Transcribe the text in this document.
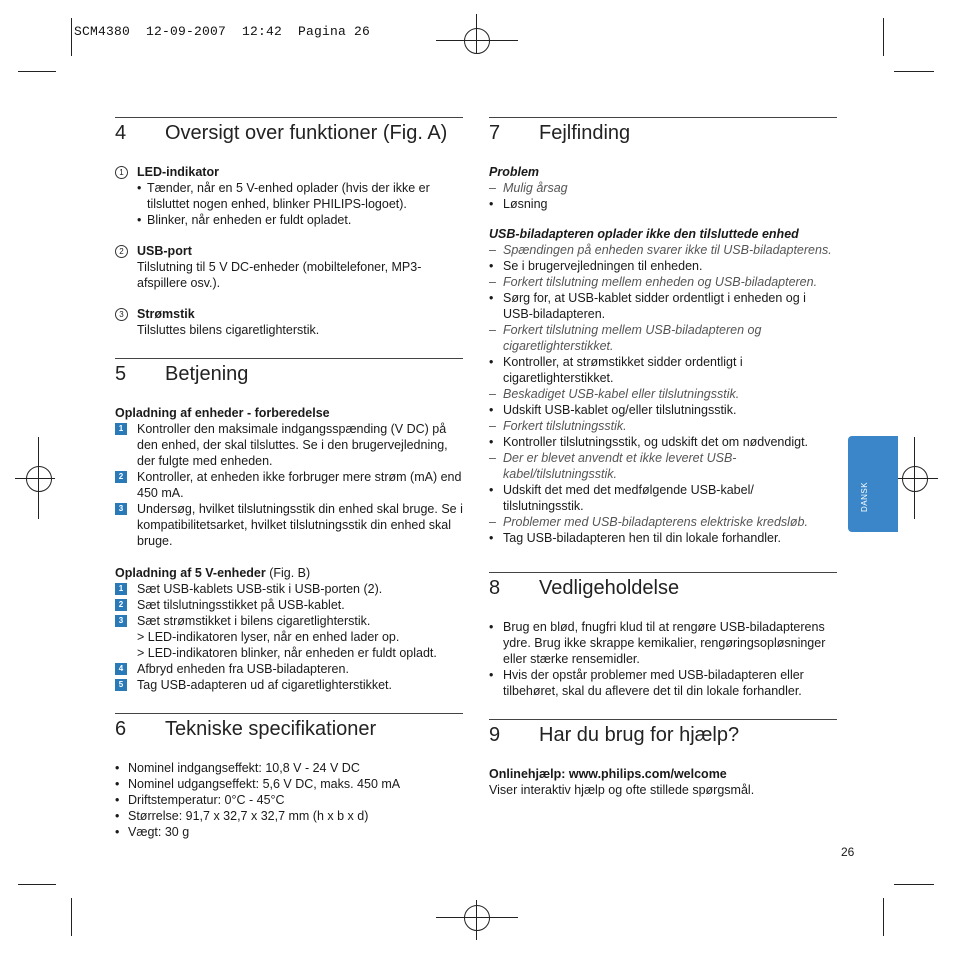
SCM4380  12-09-2007  12:42  Pagina 26
4	Oversigt over funktioner (Fig. A)
1	LED-indikator
• Tænder, når en 5 V-enhed oplader (hvis der ikke er tilsluttet nogen enhed, blinker PHILIPS-logoet).
• Blinker, når enheden er fuldt opladet.
2	USB-port
Tilslutning til 5 V DC-enheder (mobiltelefoner, MP3-afspillere osv.).
3	Strømstik
Tilsluttes bilens cigaretlighterstik.
5	Betjening
Opladning af enheder - forberedelse
1	Kontroller den maksimale indgangsspænding (V DC) på den enhed, der skal tilsluttes. Se i den brugervejledning, der fulgte med enheden.
2	Kontroller, at enheden ikke forbruger mere strøm (mA) end 450 mA.
3	Undersøg, hvilket tilslutningsstik din enhed skal bruge. Se i kompatibilitetsarket, hvilket tilslutningsstik din enhed skal bruge.
Opladning af 5 V-enheder (Fig. B)
1	Sæt USB-kablets USB-stik i USB-porten (2).
2	Sæt tilslutningsstikket på USB-kablet.
3	Sæt strømstikket i bilens cigaretlighterstik.
> LED-indikatoren lyser, når en enhed lader op.
> LED-indikatoren blinker, når enheden er fuldt opladt.
4	Afbryd enheden fra USB-biladapteren.
5	Tag USB-adapteren ud af cigaretlighterstikket.
6	Tekniske specifikationer
• Nominel indgangseffekt: 10,8 V - 24 V DC
• Nominel udgangseffekt: 5,6 V DC, maks. 450 mA
• Driftstemperatur: 0°C - 45°C
• Størrelse: 91,7 x 32,7 x 32,7 mm (h x b x d)
• Vægt: 30 g
7	Fejlfinding
Problem
– Mulig årsag
• Løsning
USB-biladapteren oplader ikke den tilsluttede enhed
– Spændingen på enheden svarer ikke til USB-biladapterens.
• Se i brugervejledningen til enheden.
– Forkert tilslutning mellem enheden og USB-biladapteren.
• Sørg for, at USB-kablet sidder ordentligt i enheden og i USB-biladapteren.
– Forkert tilslutning mellem USB-biladapteren og cigaretlighterstikket.
• Kontroller, at strømstikket sidder ordentligt i cigaretlighterstikket.
– Beskadiget USB-kabel eller tilslutningsstik.
• Udskift USB-kablet og/eller tilslutningsstik.
– Forkert tilslutningsstik.
• Kontroller tilslutningsstik, og udskift det om nødvendigt.
– Der er blevet anvendt et ikke leveret USB-kabel/tilslutningsstik.
• Udskift det med det medfølgende USB-kabel/ tilslutningsstik.
– Problemer med USB-biladapterens elektriske kredsløb.
• Tag USB-biladapteren hen til din lokale forhandler.
8	Vedligeholdelse
• Brug en blød, fnugfri klud til at rengøre USB-biladapterens ydre. Brug ikke skrappe kemikalier, rengøringsopløsninger eller stærke rensemidler.
• Hvis der opstår problemer med USB-biladapteren eller tilbehøret, skal du aflevere det til din lokale forhandler.
9	Har du brug for hjælp?
Onlinehjælp: www.philips.com/welcome
Viser interaktiv hjælp og ofte stillede spørgsmål.
DANSK
26
